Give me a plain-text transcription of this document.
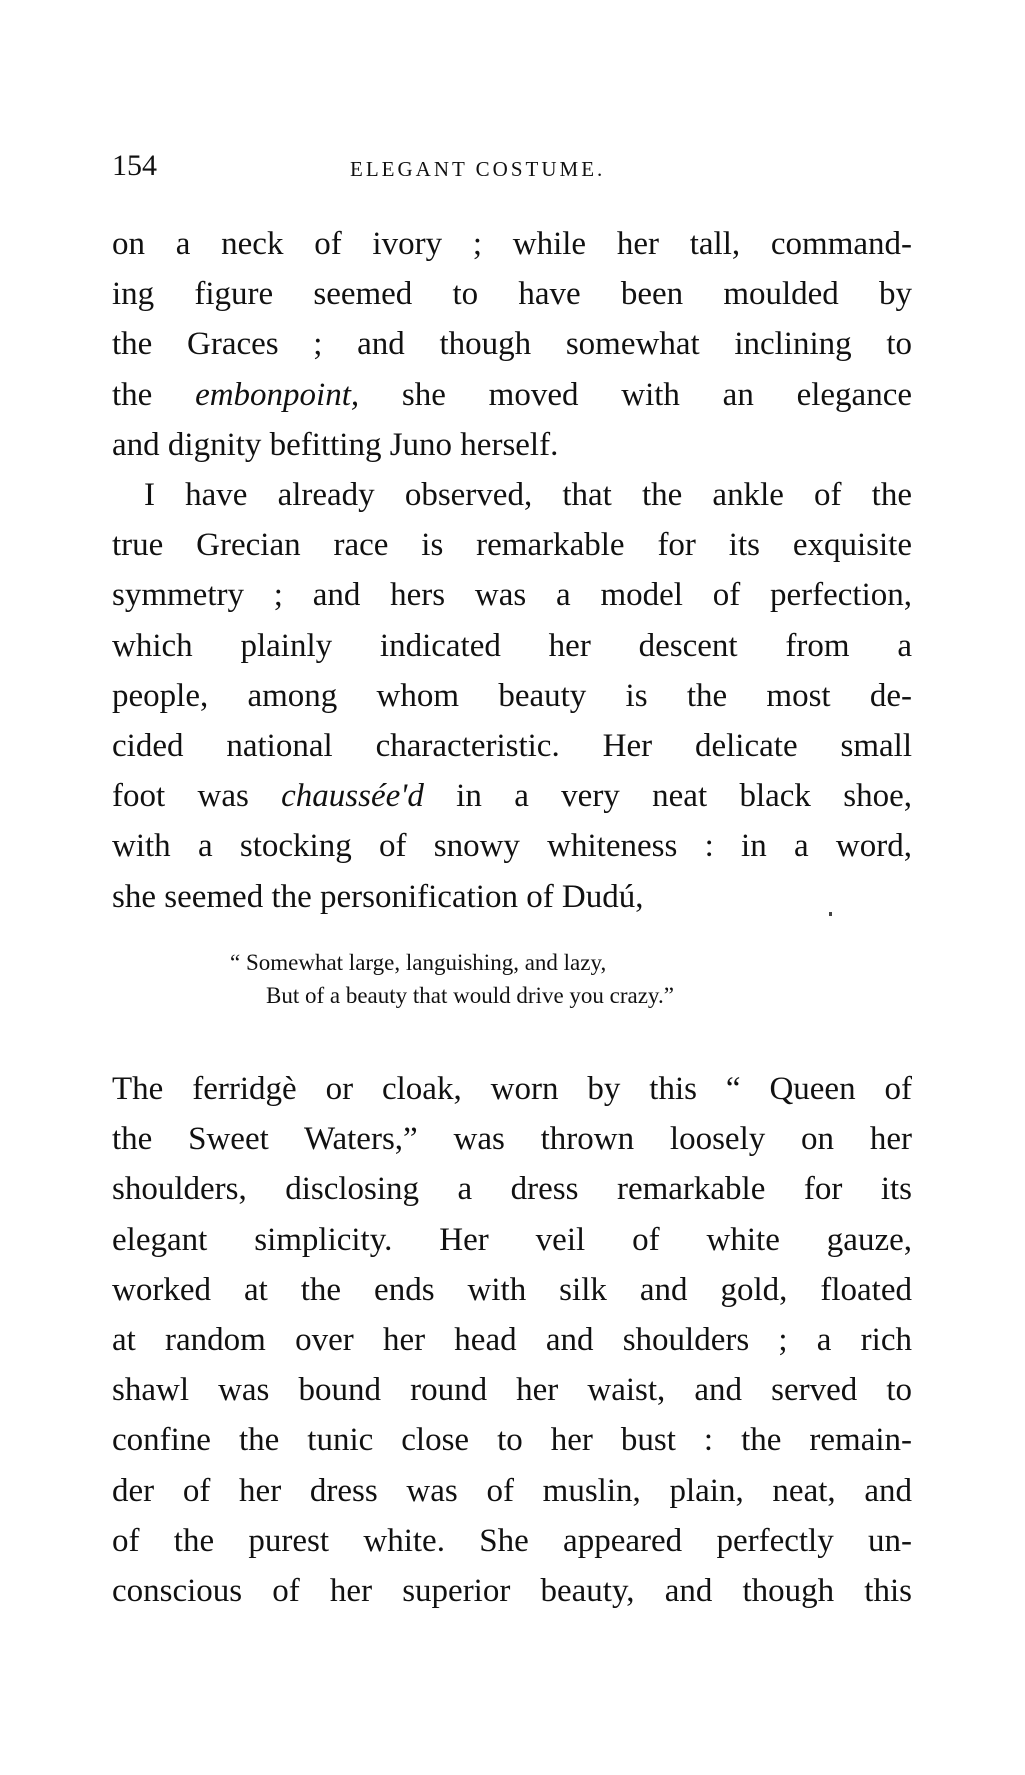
154	ELEGANT COSTUME.
on a neck of ivory ; while her tall, command-
ing figure seemed to have been moulded by
the Graces ; and though somewhat inclining to
the embonpoint, she moved with an elegance
and dignity befitting Juno herself.
I have already observed, that the ankle of the
true Grecian race is remarkable for its exquisite
symmetry ; and hers was a model of perfection,
which plainly indicated her descent from a
people, among whom beauty is the most de-
cided national characteristic. Her delicate small
foot was chaussée'd in a very neat black shoe,
with a stocking of snowy whiteness : in a word,
she seemed the personification of Dudú,
“ Somewhat large, languishing, and lazy,
But of a beauty that would drive you crazy.”
The ferridgè or cloak, worn by this “ Queen of
the Sweet Waters,” was thrown loosely on her
shoulders, disclosing a dress remarkable for its
elegant simplicity. Her veil of white gauze,
worked at the ends with silk and gold, floated
at random over her head and shoulders ; a rich
shawl was bound round her waist, and served to
confine the tunic close to her bust : the remain-
der of her dress was of muslin, plain, neat, and
of the purest white. She appeared perfectly un-
conscious of her superior beauty, and though this
